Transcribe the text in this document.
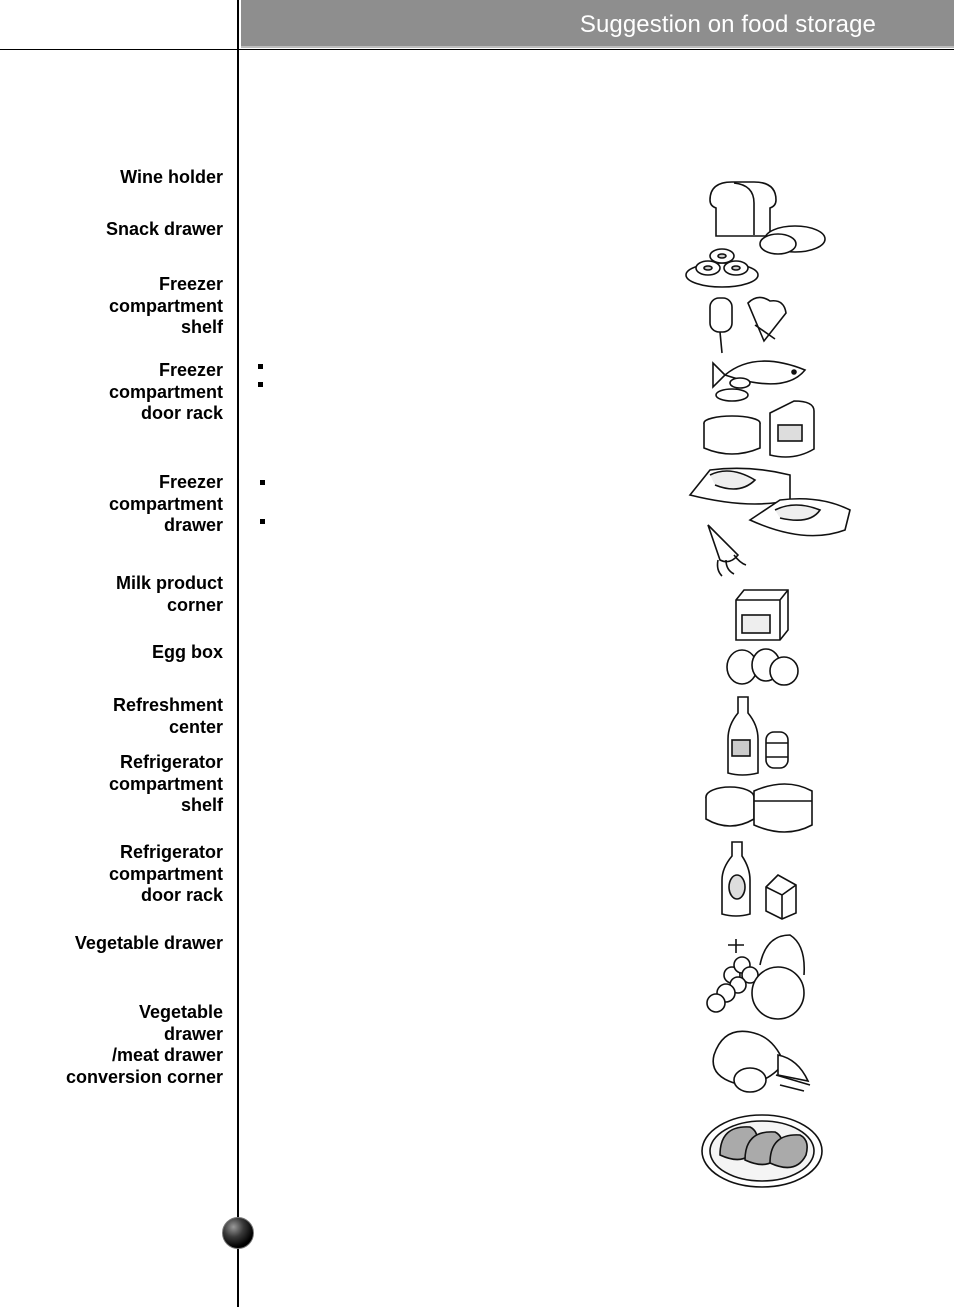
Suggestion on food storage
Wine holder
Snack drawer
Freezer
compartment
shelf
Freezer
compartment
door rack
Freezer
compartment
drawer
Milk product
corner
Egg box
Refreshment
center
Refrigerator
compartment
shelf
Refrigerator
compartment
door rack
Vegetable drawer
Vegetable
drawer
/meat drawer
conversion corner
